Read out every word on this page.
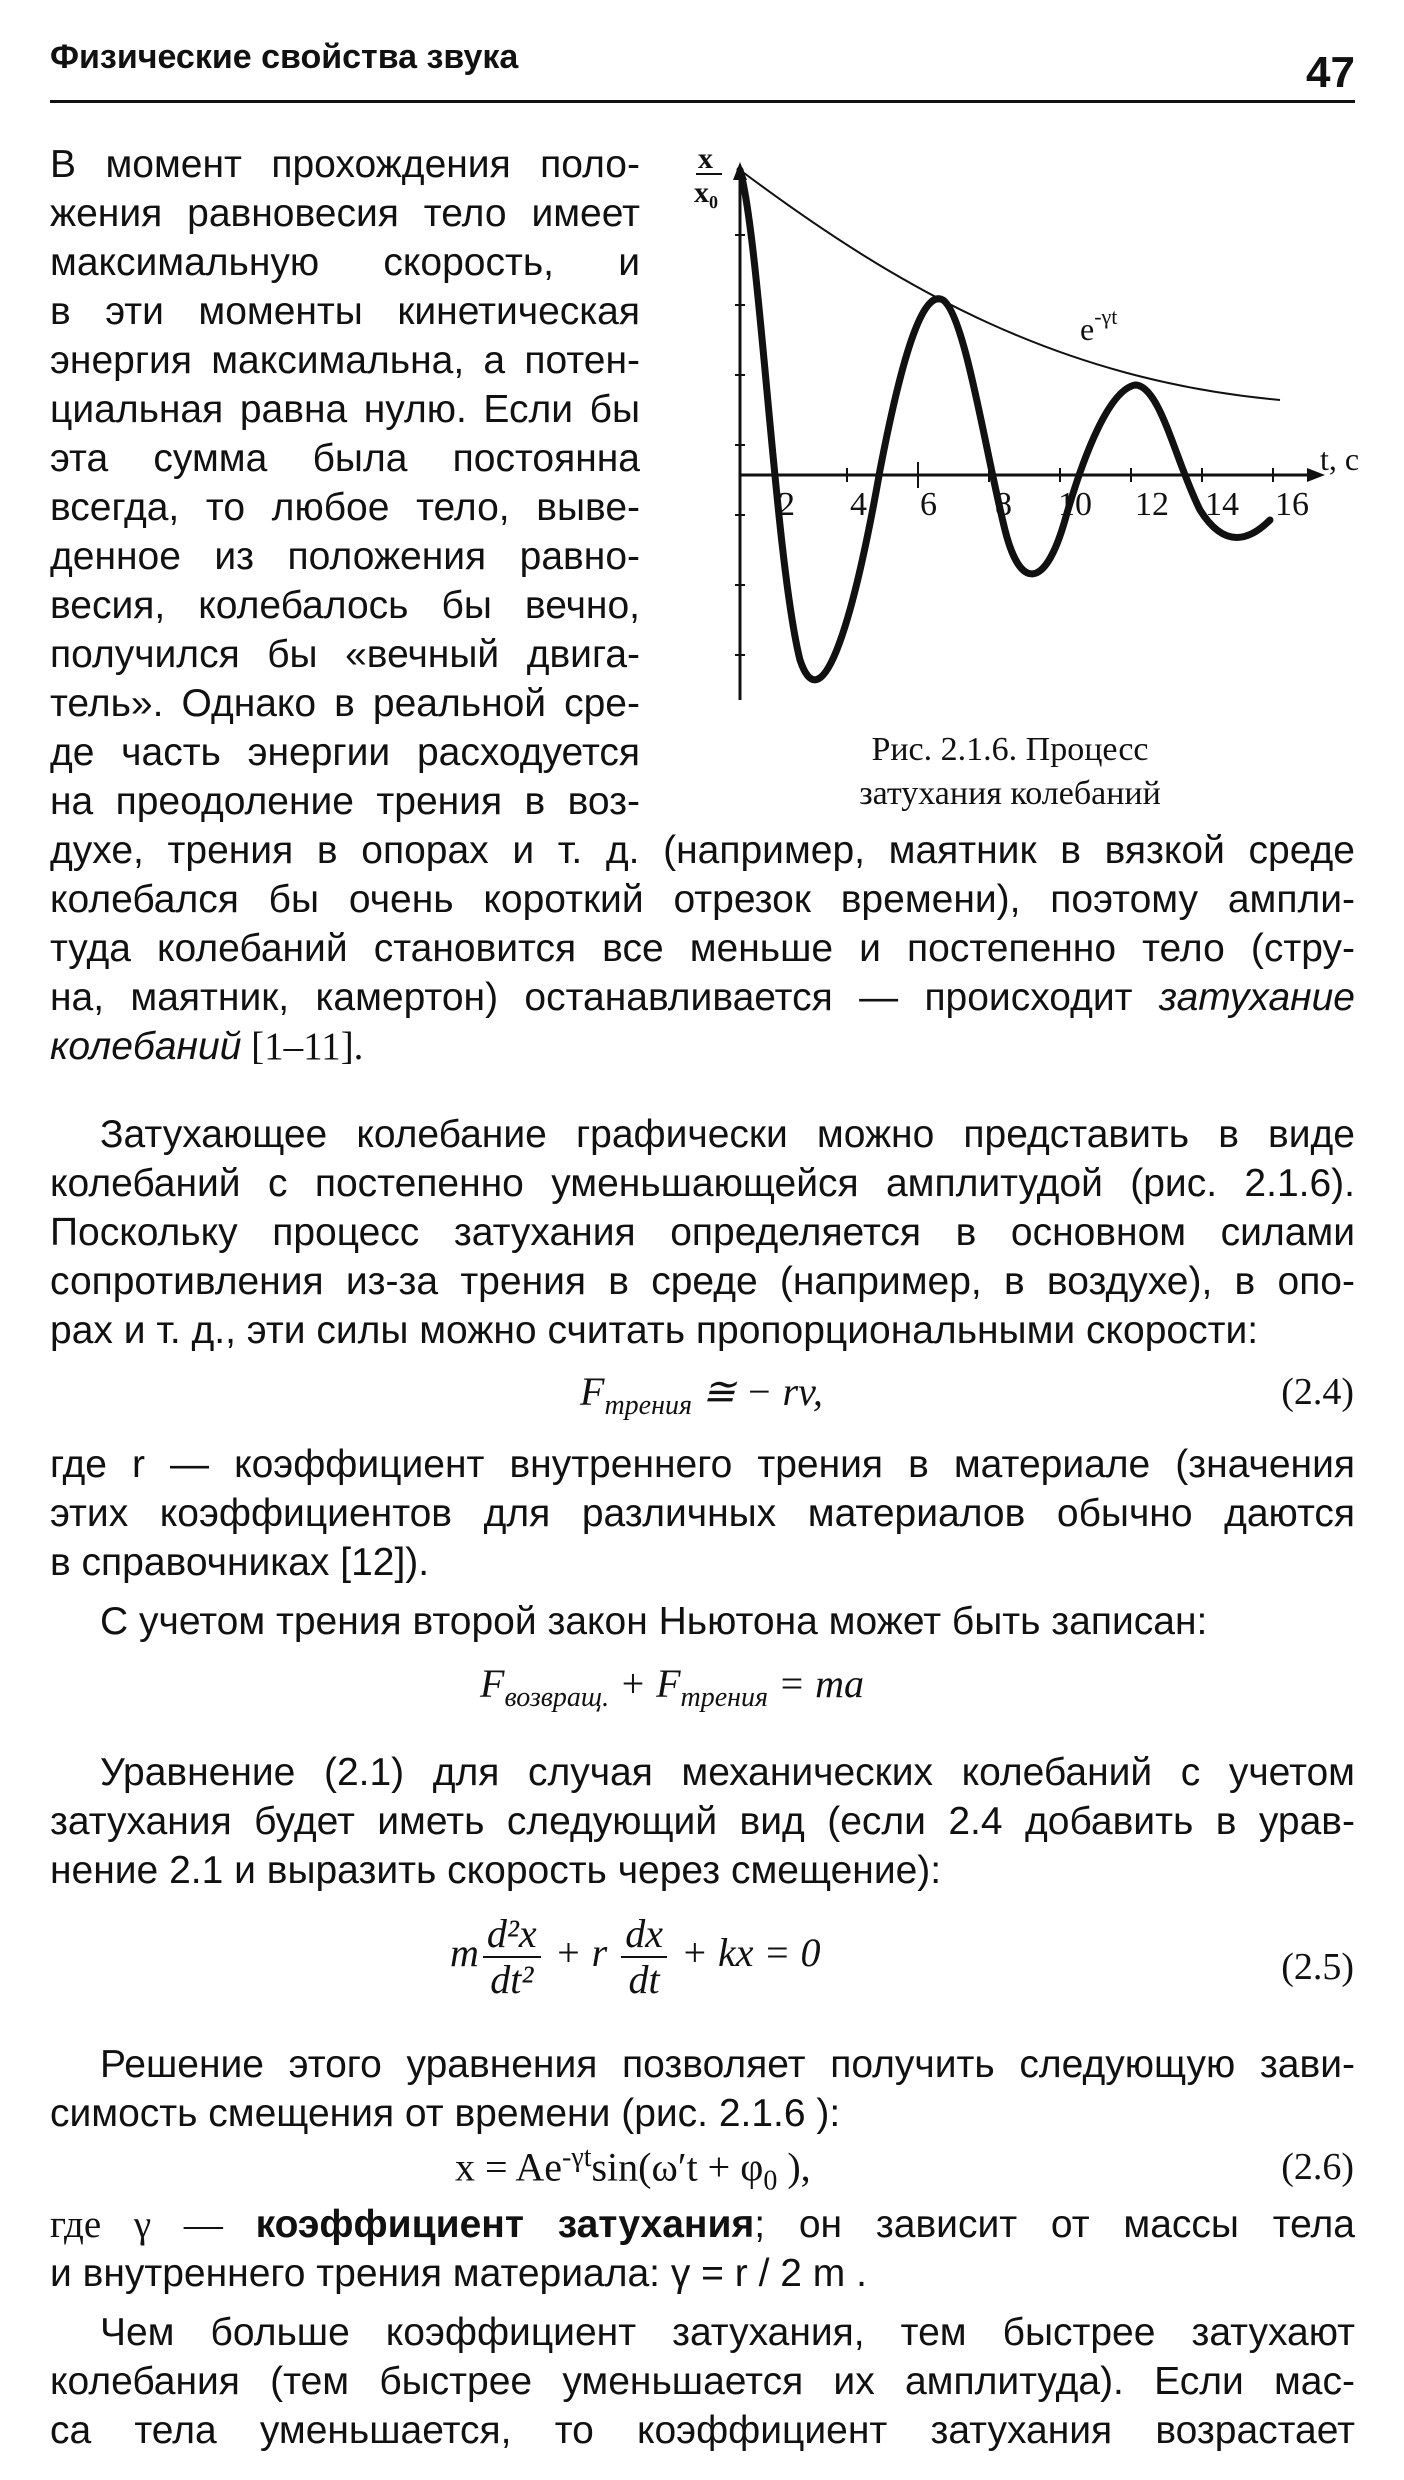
Физические свойства звука	47
В момент прохождения поло-
жения равновесия тело имеет
максимальную скорость, и
в эти моменты кинетическая
энергия максимальна, а потен-
циальная равна нулю. Если бы
эта сумма была постоянна
всегда, то любое тело, выве-
денное из положения равно-
весия, колебалось бы вечно,
получился бы «вечный двига-
тель». Однако в реальной сре-
де часть энергии расходуется
на преодоление трения в воз-
2 4 6 8 10 12 14 16
x
x₀
t, c
$e^{-\gamma t}$
Рис. 2.1.6. Процесс
затухания колебаний
духе, трения в опорах и т. д. (например, маятник в вязкой среде
колебался бы очень короткий отрезок времени), поэтому ампли-
туда колебаний становится все меньше и постепенно тело (стру-
на, маятник, камертон) останавливается — происходит затухание
колебаний [1–11].
Затухающее колебание графически можно представить в виде
колебаний с постепенно уменьшающейся амплитудой (рис. 2.1.6).
Поскольку процесс затухания определяется в основном силами
сопротивления из-за трения в среде (например, в воздухе), в опо-
рах и т. д., эти силы можно считать пропорциональными скорости:
$F_{трения}$ ≅ − rv,	(2.4)
где r — коэффициент внутреннего трения в материале (значения
этих коэффициентов для различных материалов обычно даются
в справочниках [12]).
С учетом трения второй закон Ньютона может быть записан:
$F_{возвращ.} + F_{трения}$ = ma
Уравнение (2.1) для случая механических колебаний с учетом
затухания будет иметь следующий вид (если 2.4 добавить в урав-
нение 2.1 и выразить скорость через смещение):
m $\frac{\text{d²x}}{\text{dt²}} + r \frac{dx}{dt}$ + kx = 0	(2.5)
Решение этого уравнения позволяет получить следующую зави-
симость смещения от времени (рис. 2.1.6 ):
$x = Ae^{-\gamma t}\sin(\omega't + \varphi_0$ ),	(2.6)
где γ — коэффициент затухания; он зависит от массы тела
и внутреннего трения материала: γ = r / 2 m .
Чем больше коэффициент затухания, тем быстрее затухают
колебания (тем быстрее уменьшается их амплитуда). Если мас-
са тела уменьшается, то коэффициент затухания возрастает
